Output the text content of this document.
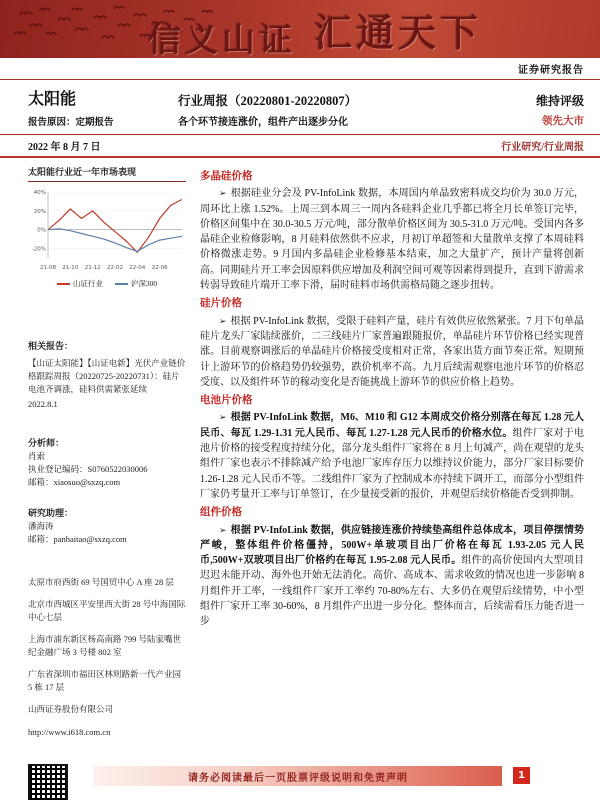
信义山证 汇通天下
证券研究报告
太阳能	行业周报（20220801-20220807）	维持评级
报告原因：定期报告	各个环节接连涨价，组件产出逐步分化	领先大市
2022 年 8 月 7 日	行业研究/行业周报
太阳能行业近一年市场表现
40%
20%
0%
-20%
21-08 21-10 21-12 22-02 22-04 22-06
山证行业	沪深300
相关报告：
【山证太阳能】【山证电新】光伏产业链价格跟踪周报（20220725-20220731）：硅片电池齐调涨，硅料供需紧张延续
2022.8.1
分析师：
肖索
执业登记编码：S0760522030006
邮箱：xiaosuo@sxzq.com
研究助理：
潘海涛
邮箱：panhaitao@sxzq.com
太原市府西街 69 号国贸中心 A 座 28 层
北京市西城区平安里西大街 28 号中海国际中心七层
上海市浦东新区杨高南路 799 号陆家嘴世纪金融广场 3 号楼 802 室
广东省深圳市福田区林则路新一代产业园 5 栋 17 层
山西证券股份有限公司
http://www.i618.com.cn
多晶硅价格

➢ 根据硅业分会及 PV-InfoLink 数据，本周国内单晶致密料成交均价为 30.0 万元，周环比上涨 1.52%。上周三到本周三一周内各硅料企业几乎都已将全月长单签订完毕，价格区间集中在 30.0-30.5 万元/吨，部分散单价格区间为 30.5-31.0 万元/吨。受国内各多晶硅企业检修影响，8 月硅料依然供不应求，月初订单超签和大量散单支撑了本周硅料价格微涨走势。9 月国内多晶硅企业检修基本结束，加之大量扩产，预计产量将创新高。同期硅片开工率会因原料供应增加及利润空间可观等因素得到提升，直到下游需求转弱导致硅片端开工率下滑，届时硅料市场供需格局随之逐步扭转。

硅片价格

➢ 根据 PV-InfoLink 数据，受限于硅料产量，硅片有效供应依然紧张。7 月下旬单晶硅片龙头厂家陆续涨价，二三线硅片厂家普遍跟随报价，单晶硅片环节价格已经实现普涨。目前观察调涨后的单晶硅片价格接受度相对正常，各家出货方面节奏正常。短期预计上游环节的价格趋势仍较强势，跌价机率不高。九月后续需观察电池片环节的价格忍受度、以及组件环节的稼动变化是否能挑战上游环节的供应价格上趋势。

电池片价格

➢ 根据 PV-InfoLink 数据，M6、M10 和 G12 本周成交价格分别落在每瓦 1.28 元人民币、每瓦 1.29-1.31 元人民币、每瓦 1.27-1.28 元人民币的价格水位。组件厂家对于电池片价格的接受程度持续分化，部分龙头组件厂家将在 8 月上旬减产，尚在观望的龙头组件厂家也表示不排除减产给予电池厂家库存压力以维持议价能力，部分厂家目标要价 1.26-1.28 元人民币不等。二线组件厂家为了控制成本亦持续下调开工，而部分小型组件厂家仍考量开工率与订单签订，在少量接受新的报价，并观望后续价格能否受到抑制。

组件价格

➢ 根据 PV-InfoLink 数据，供应链接连涨价持续垫高组件总体成本，项目停摆情势严峻，整体组件价格僵持，500W+单玻项目出厂价格在每瓦 1.93-2.05 元人民币,500W+双玻项目出厂价格约在每瓦 1.95-2.08 元人民币。组件的高价使国内大型项目迟迟未能开动、海外也开始无法消化。高价、高成本、需求收敛的情况也进一步影响 8 月组件开工率，一线组件厂家开工率约 70-80%左右、大多仍在观望后续情势，中小型组件厂家开工率 30-60%，8 月组件产出进一步分化。整体而言，后续需看压力能否进一步

请务必阅读最后一页股票评级说明和免责声明	1
